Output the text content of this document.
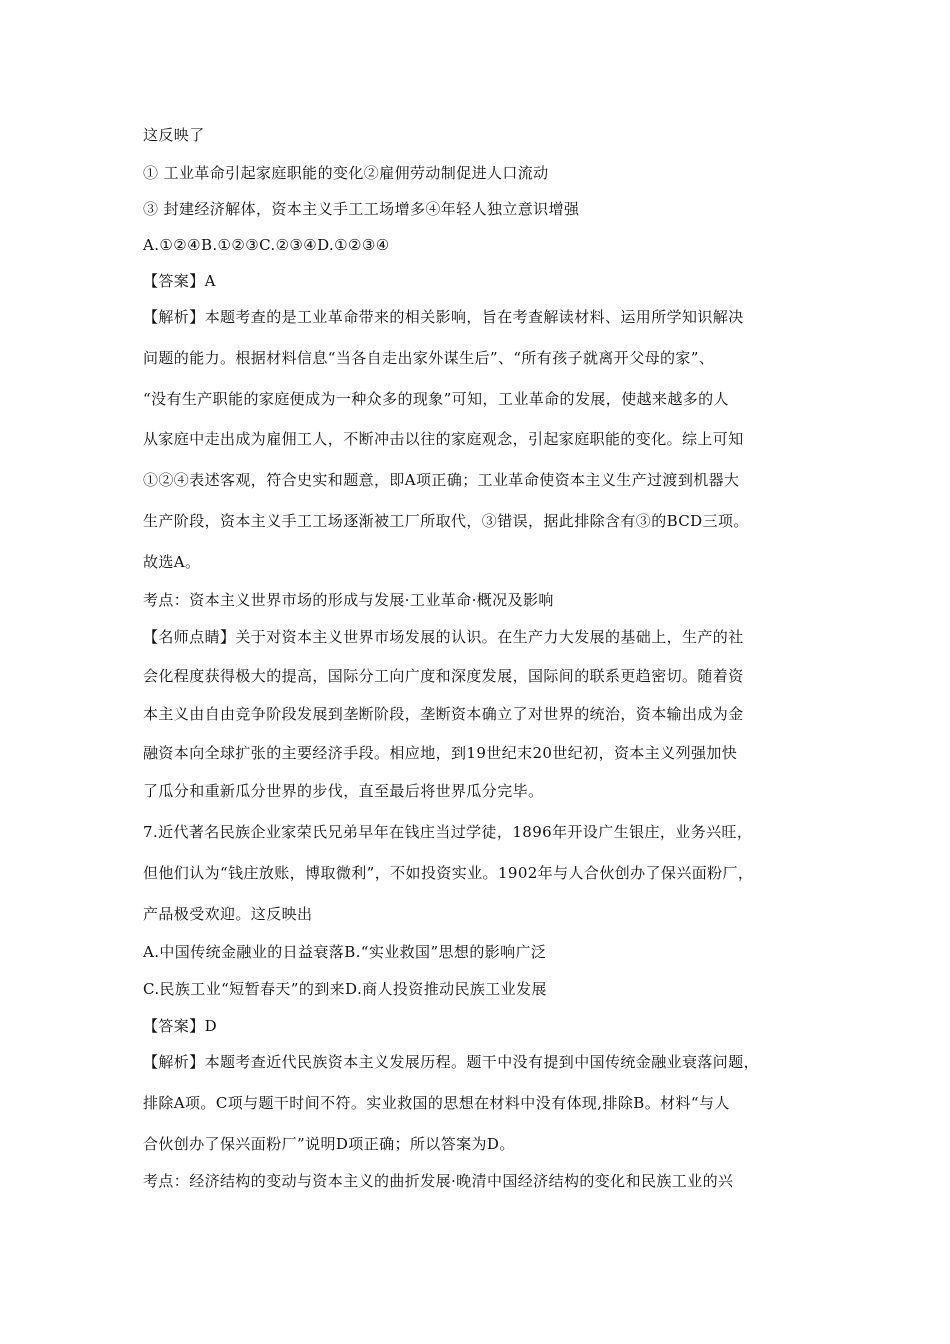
这反映了

① 工业革命引起家庭职能的变化②雇佣劳动制促进人口流动

③ 封建经济解体，资本主义手工工场增多④年轻人独立意识增强

A.①②④B.①②③C.②③④D.①②③④

【答案】A

【解析】本题考查的是工业革命带来的相关影响，旨在考查解读材料、运用所学知识解决

问题的能力。根据材料信息“当各自走出家外谋生后”、“所有孩子就离开父母的家”、

“没有生产职能的家庭便成为一种众多的现象”可知，工业革命的发展，使越来越多的人

从家庭中走出成为雇佣工人，不断冲击以往的家庭观念，引起家庭职能的变化。综上可知

①②④表述客观，符合史实和题意，即A项正确；工业革命使资本主义生产过渡到机器大

生产阶段，资本主义手工工场逐渐被工厂所取代，③错误，据此排除含有③的BCD三项。

故选A。

考点：资本主义世界市场的形成与发展·工业革命·概况及影响

【名师点睛】关于对资本主义世界市场发展的认识。在生产力大发展的基础上，生产的社

会化程度获得极大的提高，国际分工向广度和深度发展，国际间的联系更趋密切。随着资

本主义由自由竞争阶段发展到垄断阶段，垄断资本确立了对世界的统治，资本输出成为金

融资本向全球扩张的主要经济手段。相应地，到19世纪末20世纪初，资本主义列强加快

了瓜分和重新瓜分世界的步伐，直至最后将世界瓜分完毕。

7.近代著名民族企业家荣氏兄弟早年在钱庄当过学徒，1896年开设广生银庄，业务兴旺，

但他们认为“钱庄放账，博取微利”，不如投资实业。1902年与人合伙创办了保兴面粉厂，

产品极受欢迎。这反映出

A.中国传统金融业的日益衰落B.“实业救国”思想的影响广泛

C.民族工业“短暂春天”的到来D.商人投资推动民族工业发展

【答案】D

【解析】本题考查近代民族资本主义发展历程。题干中没有提到中国传统金融业衰落问题，

排除A项。C项与题干时间不符。实业救国的思想在材料中没有体现,排除B。材料“与人

合伙创办了保兴面粉厂”说明D项正确；所以答案为D。

考点：经济结构的变动与资本主义的曲折发展·晚清中国经济结构的变化和民族工业的兴
